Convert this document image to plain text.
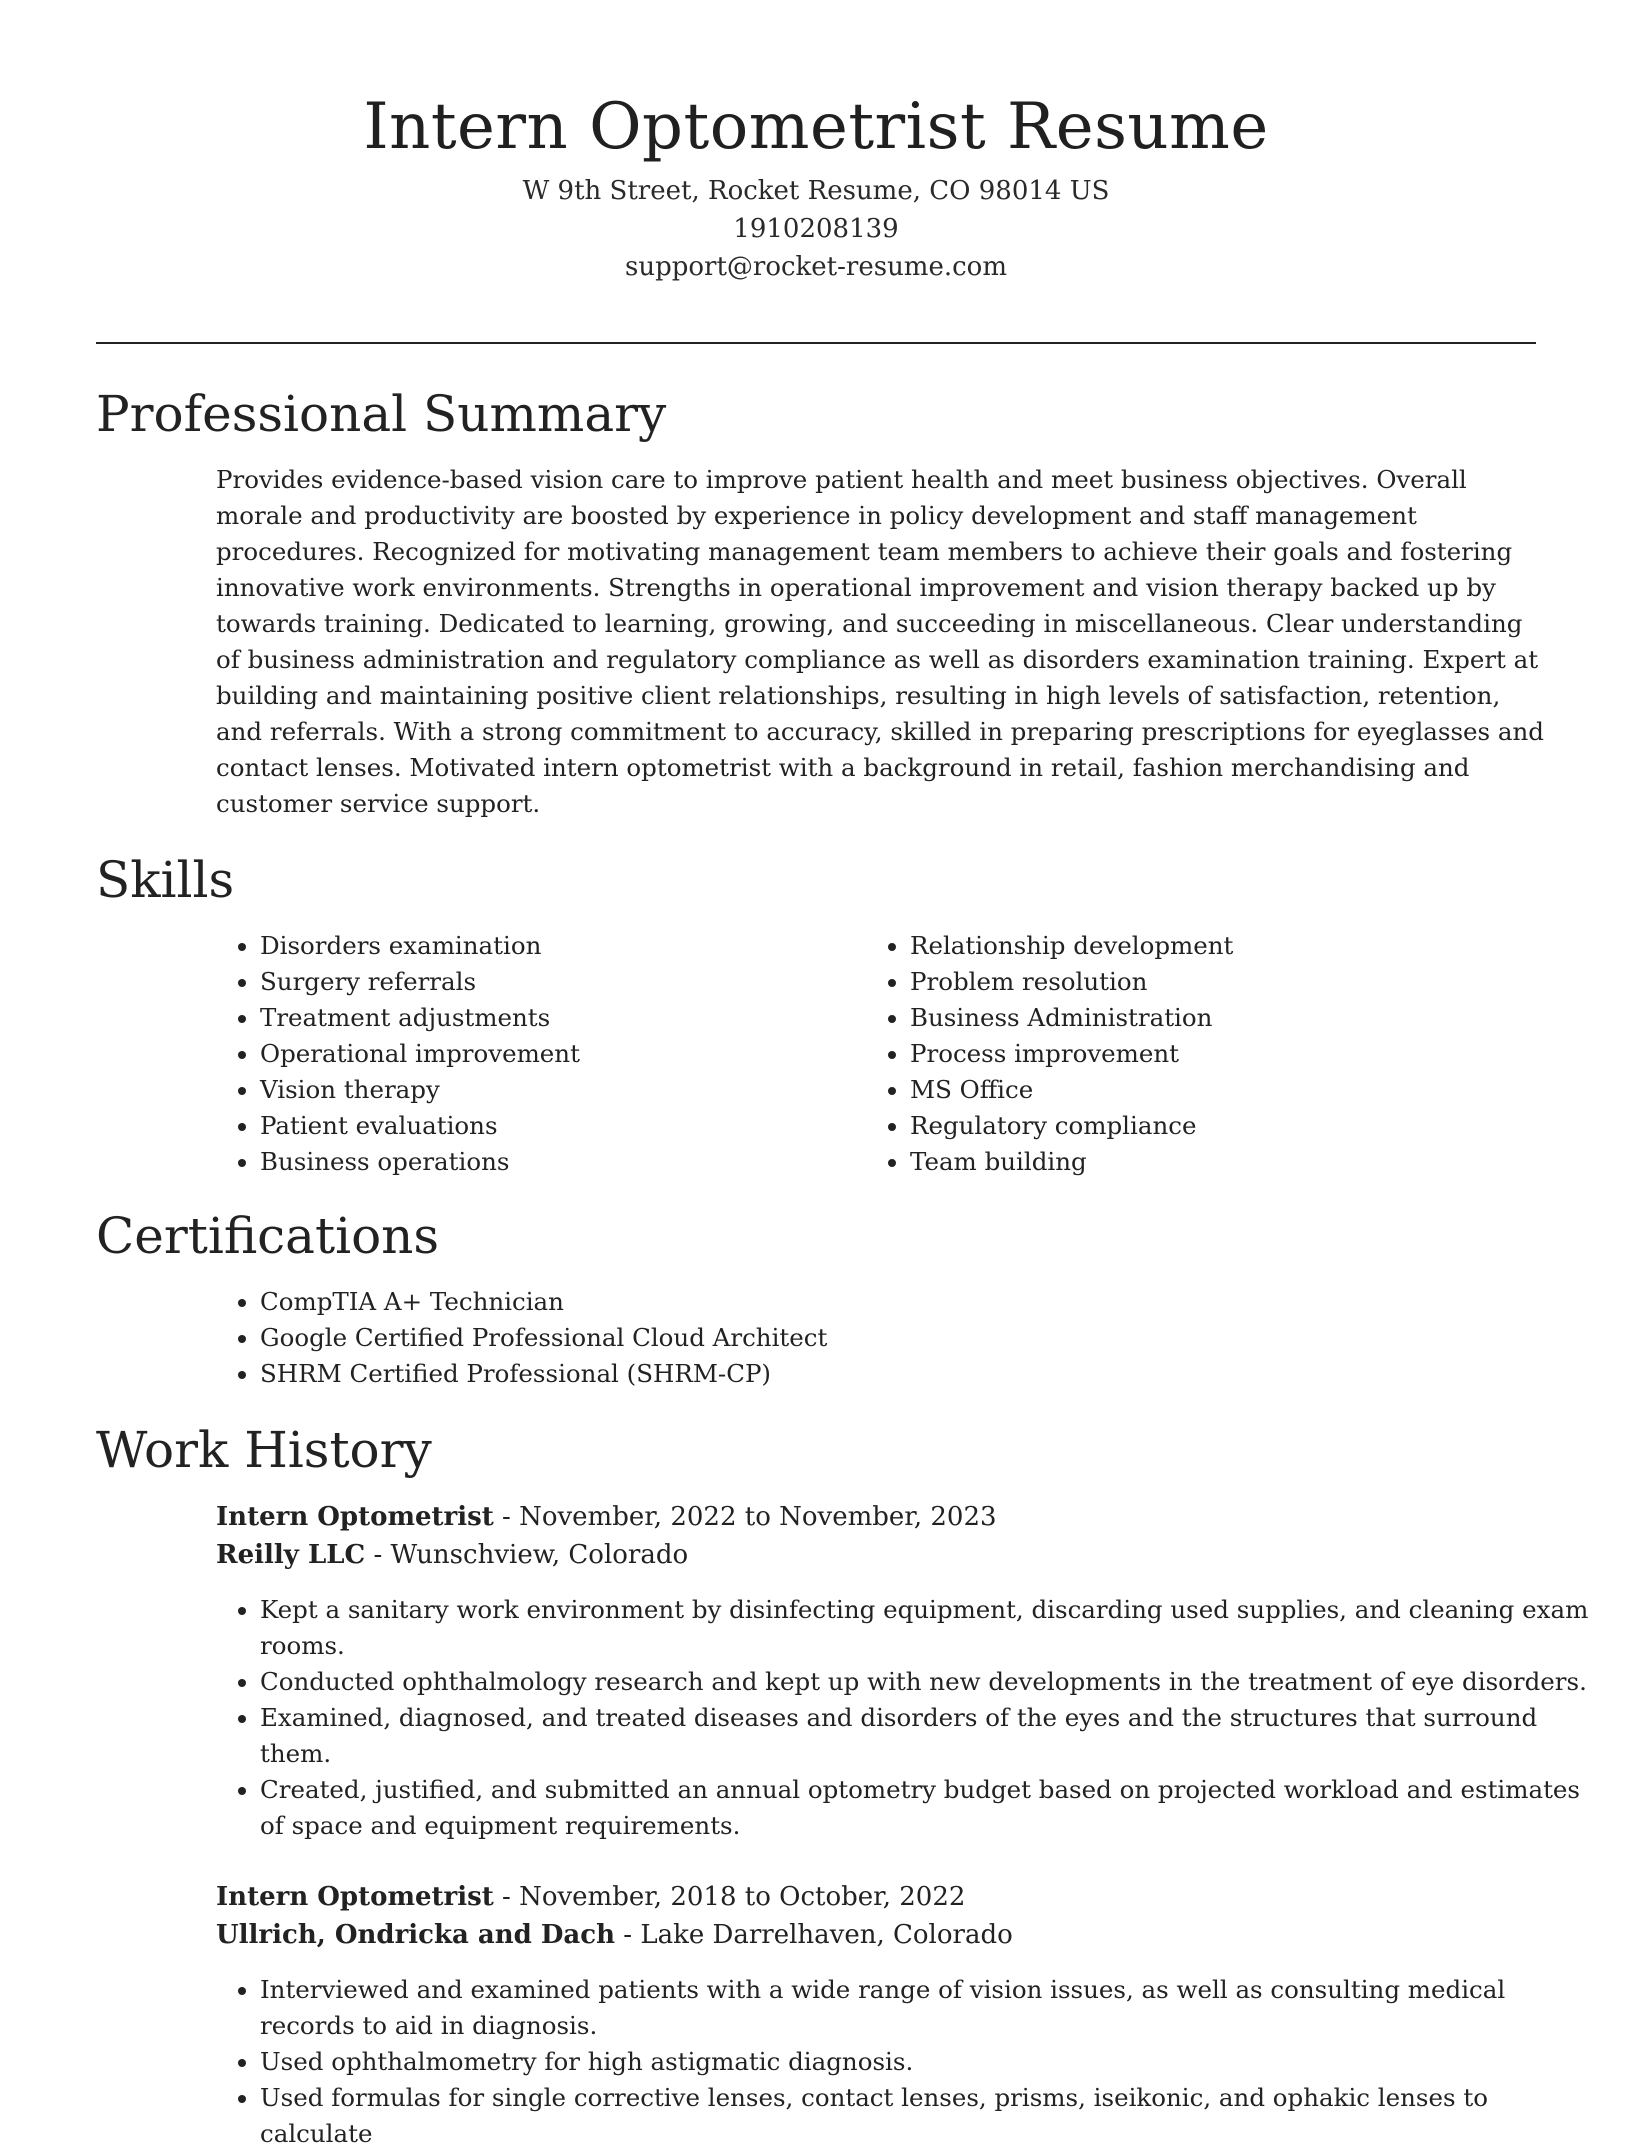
Intern Optometrist Resume
W 9th Street, Rocket Resume, CO 98014 US
1910208139
support@rocket-resume.com
Professional Summary

Provides evidence-based vision care to improve patient health and meet business objectives. Overall morale and productivity are boosted by experience in policy development and staff management procedures. Recognized for motivating management team members to achieve their goals and fostering innovative work environments. Strengths in operational improvement and vision therapy backed up by towards training. Dedicated to learning, growing, and succeeding in miscellaneous. Clear understanding of business administration and regulatory compliance as well as disorders examination training. Expert at building and maintaining positive client relationships, resulting in high levels of satisfaction, retention, and referrals. With a strong commitment to accuracy, skilled in preparing prescriptions for eyeglasses and contact lenses. Motivated intern optometrist with a background in retail, fashion merchandising and customer service support.

Skills
• Disorders examination
• Surgery referrals
• Treatment adjustments
• Operational improvement
• Vision therapy
• Patient evaluations
• Business operations
• Relationship development
• Problem resolution
• Business Administration
• Process improvement
• MS Office
• Regulatory compliance
• Team building
Certifications
• CompTIA A+ Technician
• Google Certified Professional Cloud Architect
• SHRM Certified Professional (SHRM-CP)
Work History
Intern Optometrist - November, 2022 to November, 2023
Reilly LLC - Wunschview, Colorado
• Kept a sanitary work environment by disinfecting equipment, discarding used supplies, and cleaning exam rooms.
• Conducted ophthalmology research and kept up with new developments in the treatment of eye disorders.
• Examined, diagnosed, and treated diseases and disorders of the eyes and the structures that surround them.
• Created, justified, and submitted an annual optometry budget based on projected workload and estimates of space and equipment requirements.
Intern Optometrist - November, 2018 to October, 2022
Ullrich, Ondricka and Dach - Lake Darrelhaven, Colorado
• Interviewed and examined patients with a wide range of vision issues, as well as consulting medical records to aid in diagnosis.
• Used ophthalmometry for high astigmatic diagnosis.
• Used formulas for single corrective lenses, contact lenses, prisms, iseikonic, and ophakic lenses to calculate
